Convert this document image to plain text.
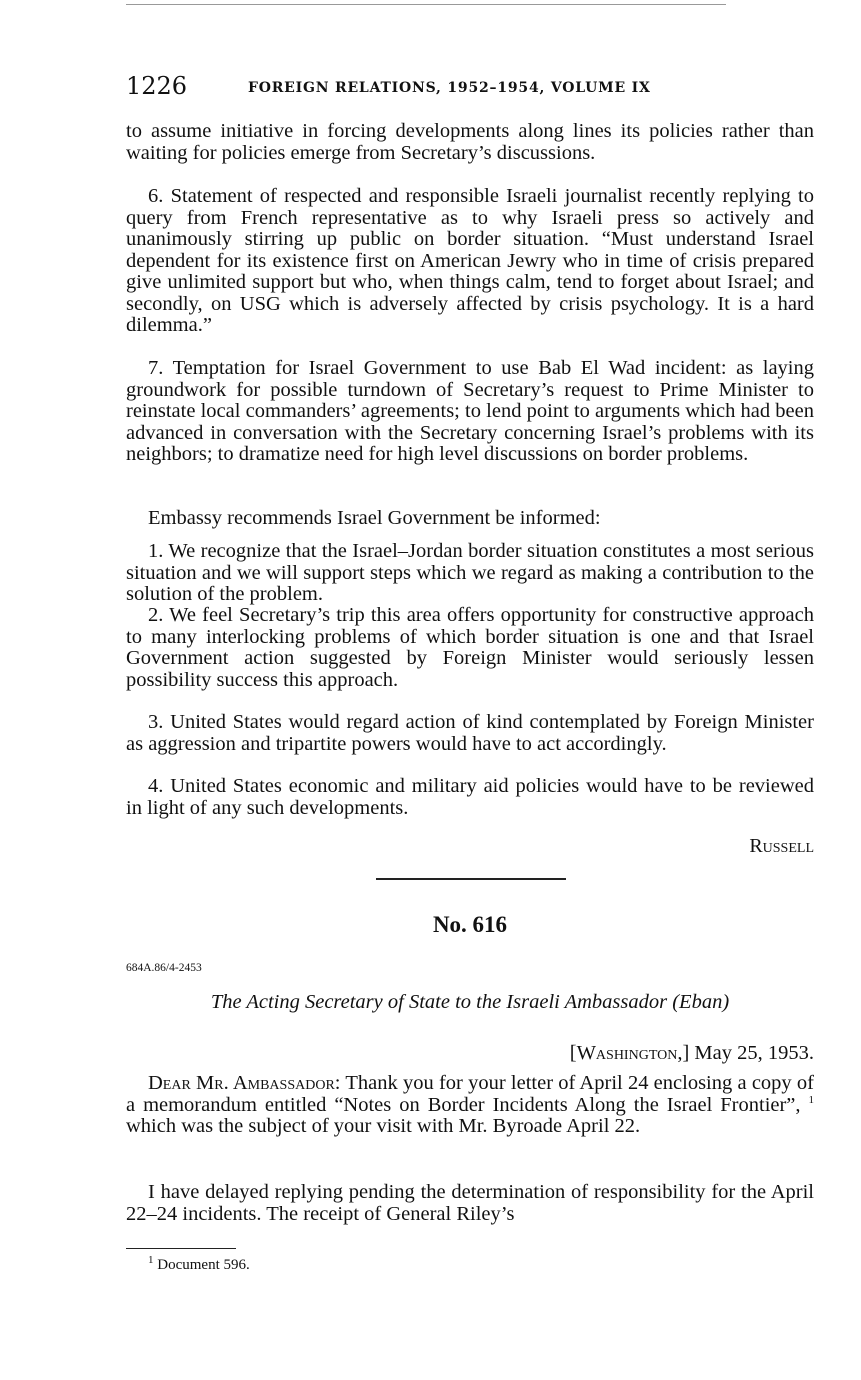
1226	FOREIGN RELATIONS, 1952–1954, VOLUME IX

to assume initiative in forcing developments along lines its policies rather than waiting for policies emerge from Secretary’s discussions.

6. Statement of respected and responsible Israeli journalist recently replying to query from French representative as to why Israeli press so actively and unanimously stirring up public on border situation. “Must understand Israel dependent for its existence first on American Jewry who in time of crisis prepared give unlimited support but who, when things calm, tend to forget about Israel; and secondly, on USG which is adversely affected by crisis psychology. It is a hard dilemma.”

7. Temptation for Israel Government to use Bab El Wad incident: as laying groundwork for possible turndown of Secretary’s request to Prime Minister to reinstate local commanders’ agreements; to lend point to arguments which had been advanced in conversation with the Secretary concerning Israel’s problems with its neighbors; to dramatize need for high level discussions on border problems.

Embassy recommends Israel Government be informed:

1. We recognize that the Israel–Jordan border situation constitutes a most serious situation and we will support steps which we regard as making a contribution to the solution of the problem.

2. We feel Secretary’s trip this area offers opportunity for constructive approach to many interlocking problems of which border situation is one and that Israel Government action suggested by Foreign Minister would seriously lessen possibility success this approach.

3. United States would regard action of kind contemplated by Foreign Minister as aggression and tripartite powers would have to act accordingly.

4. United States economic and military aid policies would have to be reviewed in light of any such developments.

Russell
No. 616
684A.86/4-2453
The Acting Secretary of State to the Israeli Ambassador (Eban)
[Washington,] May 25, 1953.

Dear Mr. Ambassador: Thank you for your letter of April 24 enclosing a copy of a memorandum entitled “Notes on Border Incidents Along the Israel Frontier”, $^1$ which was the subject of your visit with Mr. Byroade April 22.

I have delayed replying pending the determination of responsibility for the April 22–24 incidents. The receipt of General Riley’s

$^1$ Document 596.
